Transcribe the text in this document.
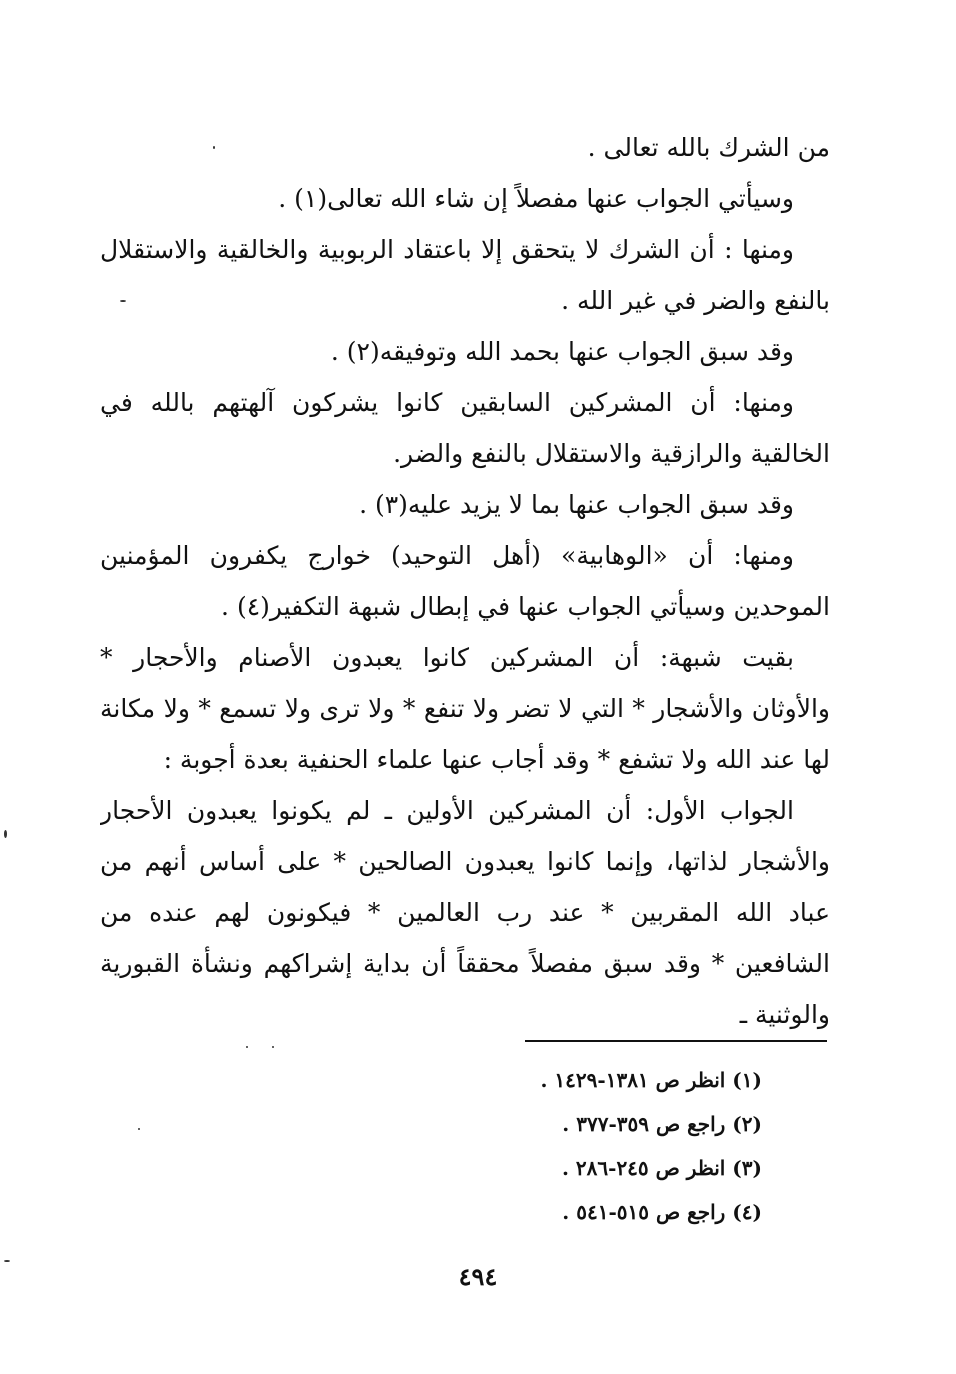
من الشرك بالله تعالى .
وسيأتي الجواب عنها مفصلاً إن شاء الله تعالى(١) .
ومنها : أن الشرك لا يتحقق إلا باعتقاد الربوبية والخالقية والاستقلال
بالنفع والضر في غير الله .
وقد سبق الجواب عنها بحمد الله وتوفيقه(٢) .
ومنها: أن المشركين السابقين كانوا يشركون آلهتهم بالله في
الخالقية والرازقية والاستقلال بالنفع والضر.
وقد سبق الجواب عنها بما لا يزيد عليه(٣) .
ومنها: أن «الوهابية» (أهل التوحيد) خوارج يكفرون المؤمنين
الموحدين وسيأتي الجواب عنها في إبطال شبهة التكفير(٤) .
بقيت شبهة: أن المشركين كانوا يعبدون الأصنام والأحجار *
والأوثان والأشجار * التي لا تضر ولا تنفع * ولا ترى ولا تسمع * ولا مكانة
لها عند الله ولا تشفع * وقد أجاب عنها علماء الحنفية بعدة أجوبة :
الجواب الأول: أن المشركين الأولين ـ لم يكونوا يعبدون الأحجار
والأشجار لذاتها، وإنما كانوا يعبدون الصالحين * على أساس أنهم من
عباد الله المقربين * عند رب العالمين * فيكونون لهم عنده من
الشافعين * وقد سبق مفصلاً محققاً أن بداية إشراكهم ونشأة القبورية
والوثنية ـ
(١) انظر ص ١٣٨١-١٤٢٩ .
(٢) راجع ص ٣٥٩-٣٧٧ .
(٣) انظر ص ٢٤٥-٢٨٦ .
(٤) راجع ص ٥١٥-٥٤١ .
٤٩٤
